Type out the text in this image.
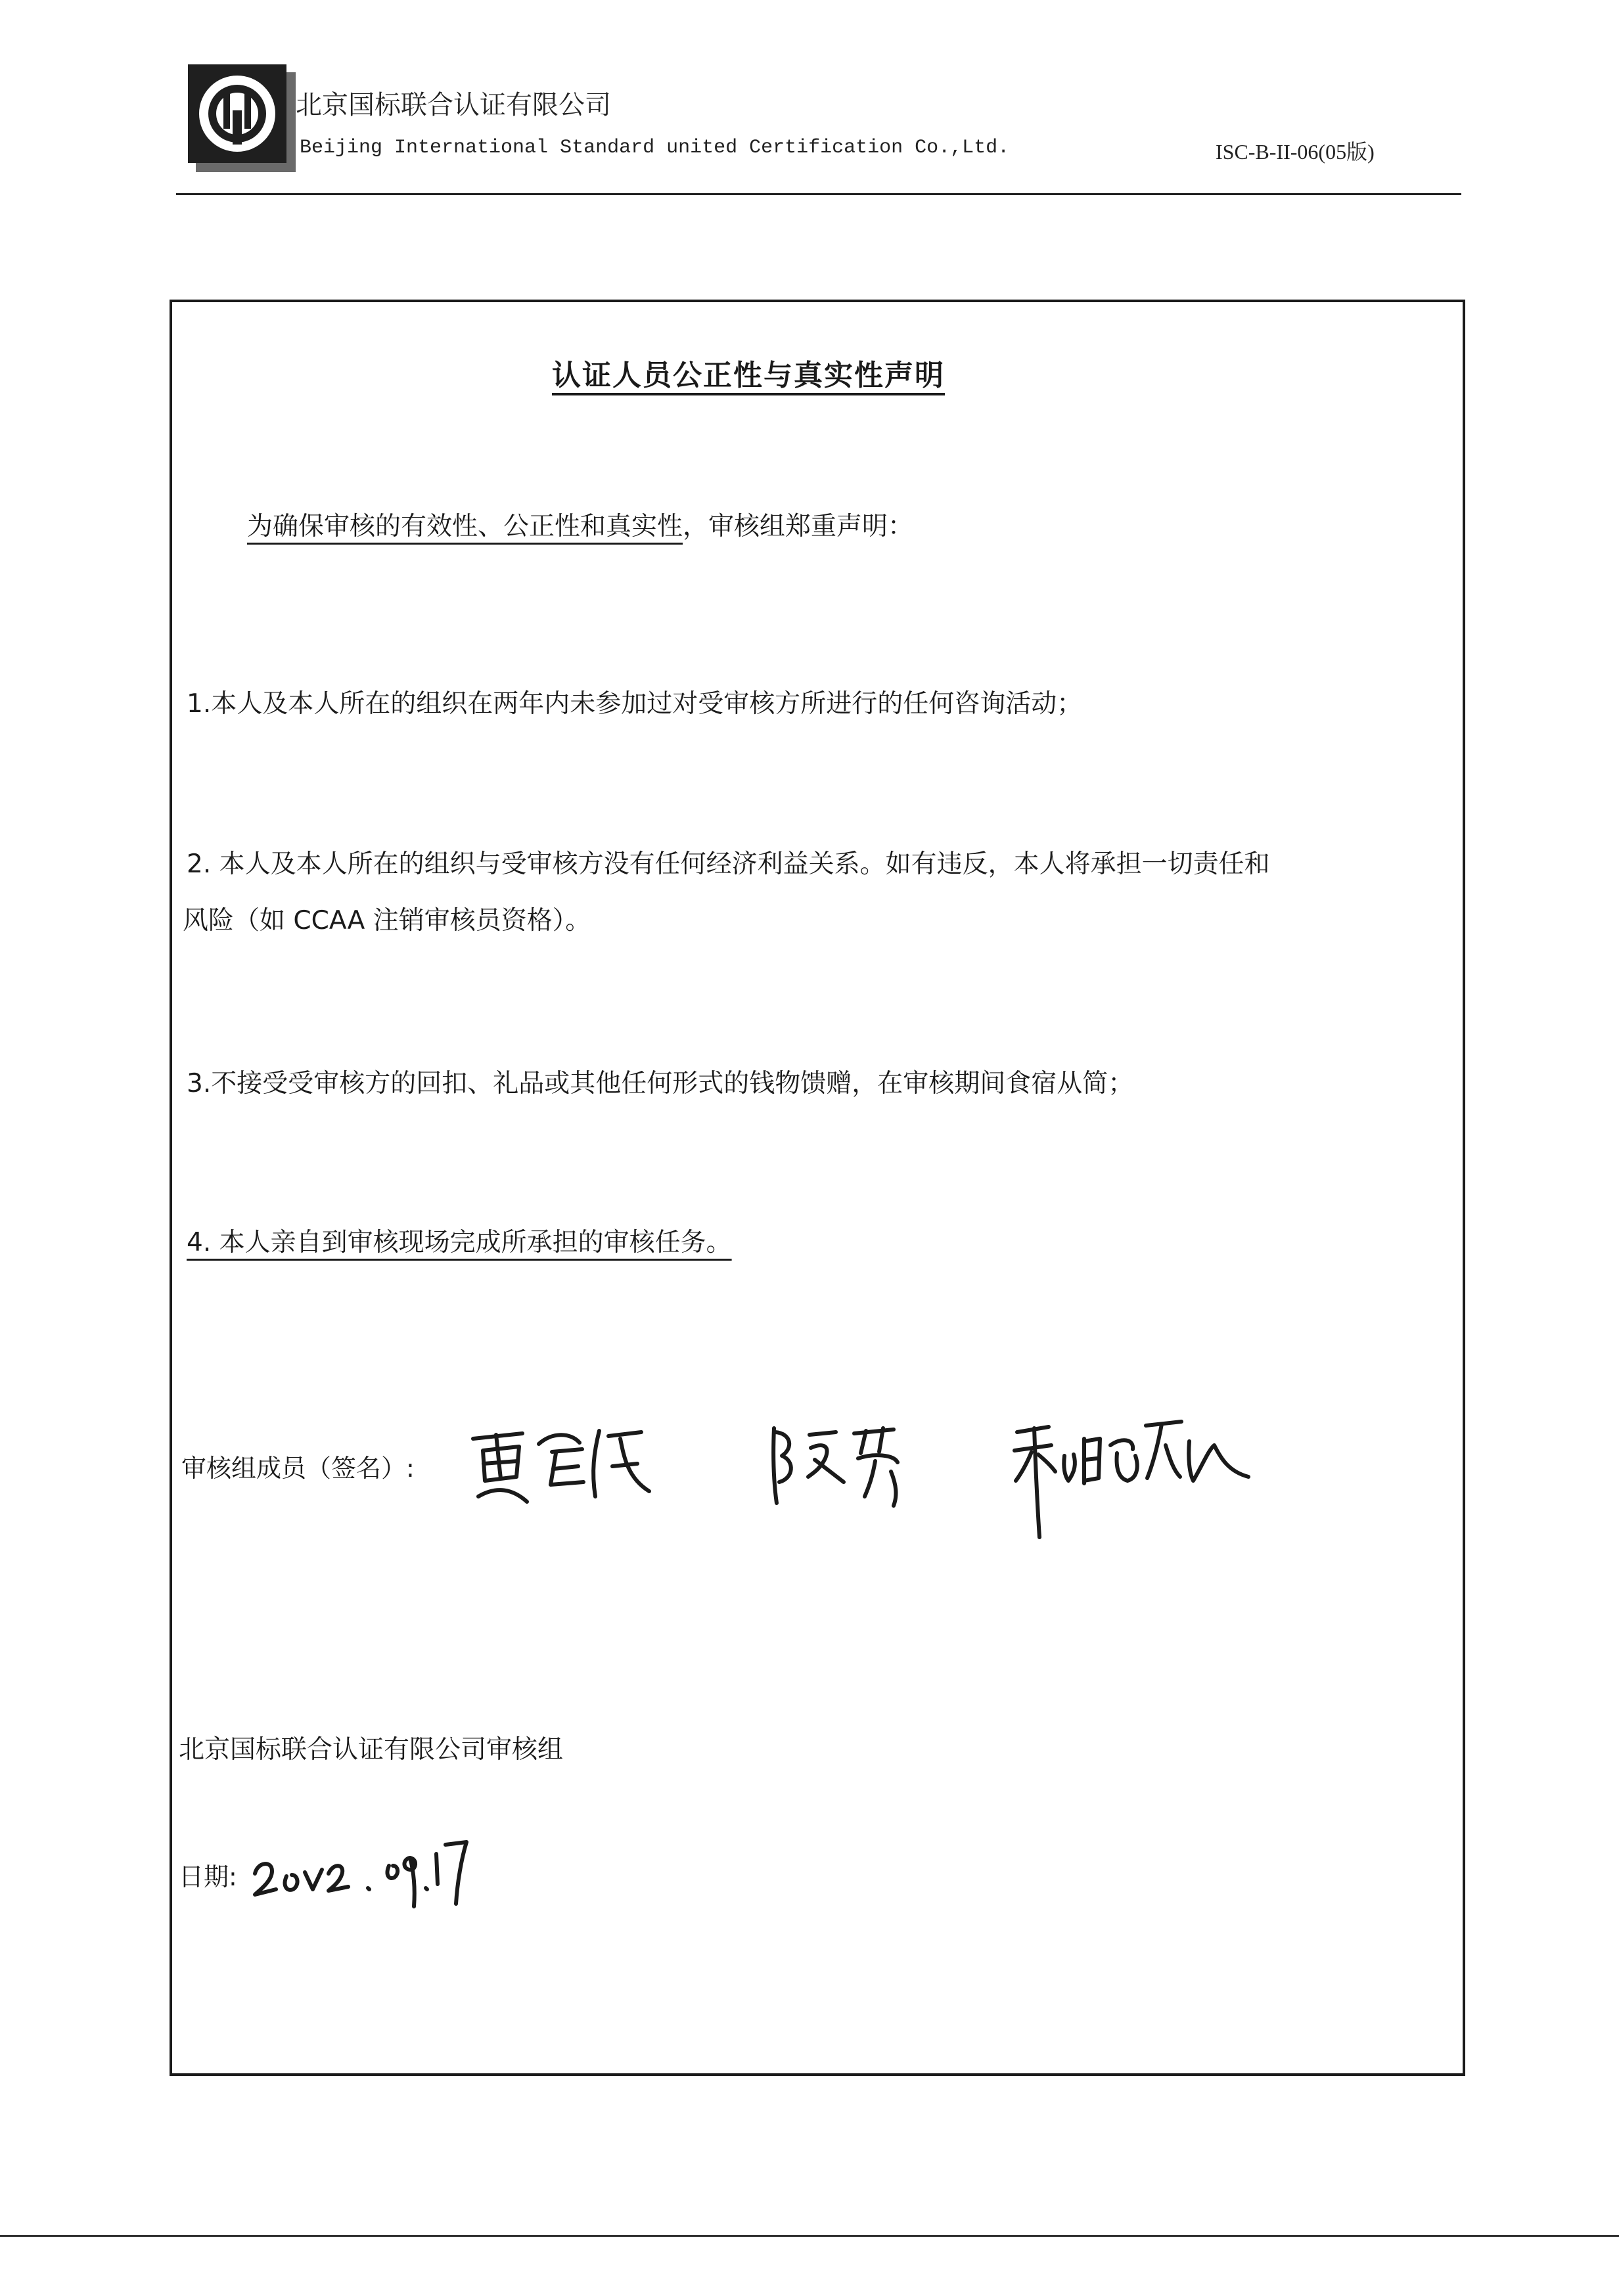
北京国标联合认证有限公司
Beijing International Standard united Certification Co.,Ltd.	ISC-B-II-06(05版)
认证人员公正性与真实性声明
为确保审核的有效性、公正性和真实性，审核组郑重声明：
1.本人及本人所在的组织在两年内未参加过对受审核方所进行的任何咨询活动；
2. 本人及本人所在的组织与受审核方没有任何经济利益关系。如有违反，本人将承担一切责任和
风险（如 CCAA 注销审核员资格）。
3.不接受受审核方的回扣、礼品或其他任何形式的钱物馈赠，在审核期间食宿从简；
4. 本人亲自到审核现场完成所承担的审核任务。
审核组成员（签名）:
北京国标联合认证有限公司审核组
日期:
